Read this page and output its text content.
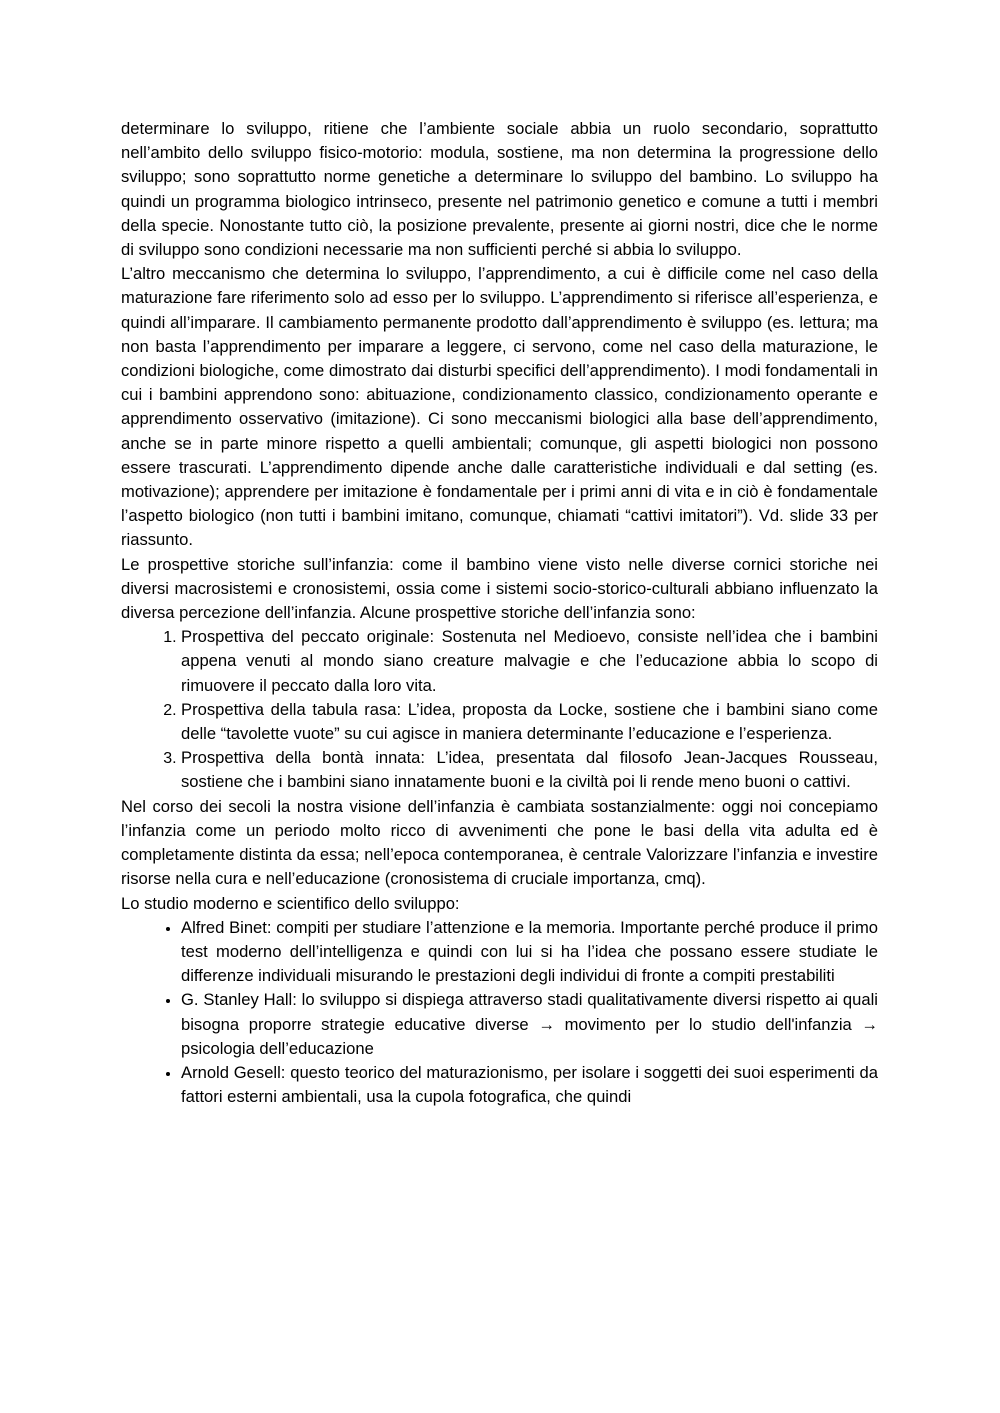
determinare lo sviluppo, ritiene che l’ambiente sociale abbia un ruolo secondario, soprattutto nell’ambito dello sviluppo fisico-motorio: modula, sostiene, ma non determina la progressione dello sviluppo; sono soprattutto norme genetiche a determinare lo sviluppo del bambino. Lo sviluppo ha quindi un programma biologico intrinseco, presente nel patrimonio genetico e comune a tutti i membri della specie. Nonostante tutto ciò, la posizione prevalente, presente ai giorni nostri, dice che le norme di sviluppo sono condizioni necessarie ma non sufficienti perché si abbia lo sviluppo.

L’altro meccanismo che determina lo sviluppo, l’apprendimento, a cui è difficile come nel caso della maturazione fare riferimento solo ad esso per lo sviluppo. L’apprendimento si riferisce all’esperienza, e quindi all’imparare. Il cambiamento permanente prodotto dall’apprendimento è sviluppo (es. lettura; ma non basta l’apprendimento per imparare a leggere, ci servono, come nel caso della maturazione, le condizioni biologiche, come dimostrato dai disturbi specifici dell’apprendimento). I modi fondamentali in cui i bambini apprendono sono: abituazione, condizionamento classico, condizionamento operante e apprendimento osservativo (imitazione). Ci sono meccanismi biologici alla base dell’apprendimento, anche se in parte minore rispetto a quelli ambientali; comunque, gli aspetti biologici non possono essere trascurati. L’apprendimento dipende anche dalle caratteristiche individuali e dal setting (es. motivazione); apprendere per imitazione è fondamentale per i primi anni di vita e in ciò è fondamentale l’aspetto biologico (non tutti i bambini imitano, comunque, chiamati “cattivi imitatori”). Vd. slide 33 per riassunto.

Le prospettive storiche sull’infanzia: come il bambino viene visto nelle diverse cornici storiche nei diversi macrosistemi e cronosistemi, ossia come i sistemi socio-storico-culturali abbiano influenzato la diversa percezione dell’infanzia. Alcune prospettive storiche dell’infanzia sono:

1. Prospettiva del peccato originale: Sostenuta nel Medioevo, consiste nell’idea che i bambini appena venuti al mondo siano creature malvagie e che l’educazione abbia lo scopo di rimuovere il peccato dalla loro vita.
2. Prospettiva della tabula rasa: L’idea, proposta da Locke, sostiene che i bambini siano come delle “tavolette vuote” su cui agisce in maniera determinante l’educazione e l’esperienza.
3. Prospettiva della bontà innata: L’idea, presentata dal filosofo Jean-Jacques Rousseau, sostiene che i bambini siano innatamente buoni e la civiltà poi li rende meno buoni o cattivi.

Nel corso dei secoli la nostra visione dell’infanzia è cambiata sostanzialmente: oggi noi concepiamo l’infanzia come un periodo molto ricco di avvenimenti che pone le basi della vita adulta ed è completamente distinta da essa; nell’epoca contemporanea, è centrale Valorizzare l’infanzia e investire risorse nella cura e nell’educazione (cronosistema di cruciale importanza, cmq).

Lo studio moderno e scientifico dello sviluppo:

• Alfred Binet: compiti per studiare l’attenzione e la memoria. Importante perché produce il primo test moderno dell’intelligenza e quindi con lui si ha l’idea che possano essere studiate le differenze individuali misurando le prestazioni degli individui di fronte a compiti prestabiliti
• G. Stanley Hall: lo sviluppo si dispiega attraverso stadi qualitativamente diversi rispetto ai quali bisogna proporre strategie educative diverse → movimento per lo studio dell'infanzia → psicologia dell’educazione
• Arnold Gesell: questo teorico del maturazionismo, per isolare i soggetti dei suoi esperimenti da fattori esterni ambientali, usa la cupola fotografica, che quindi
